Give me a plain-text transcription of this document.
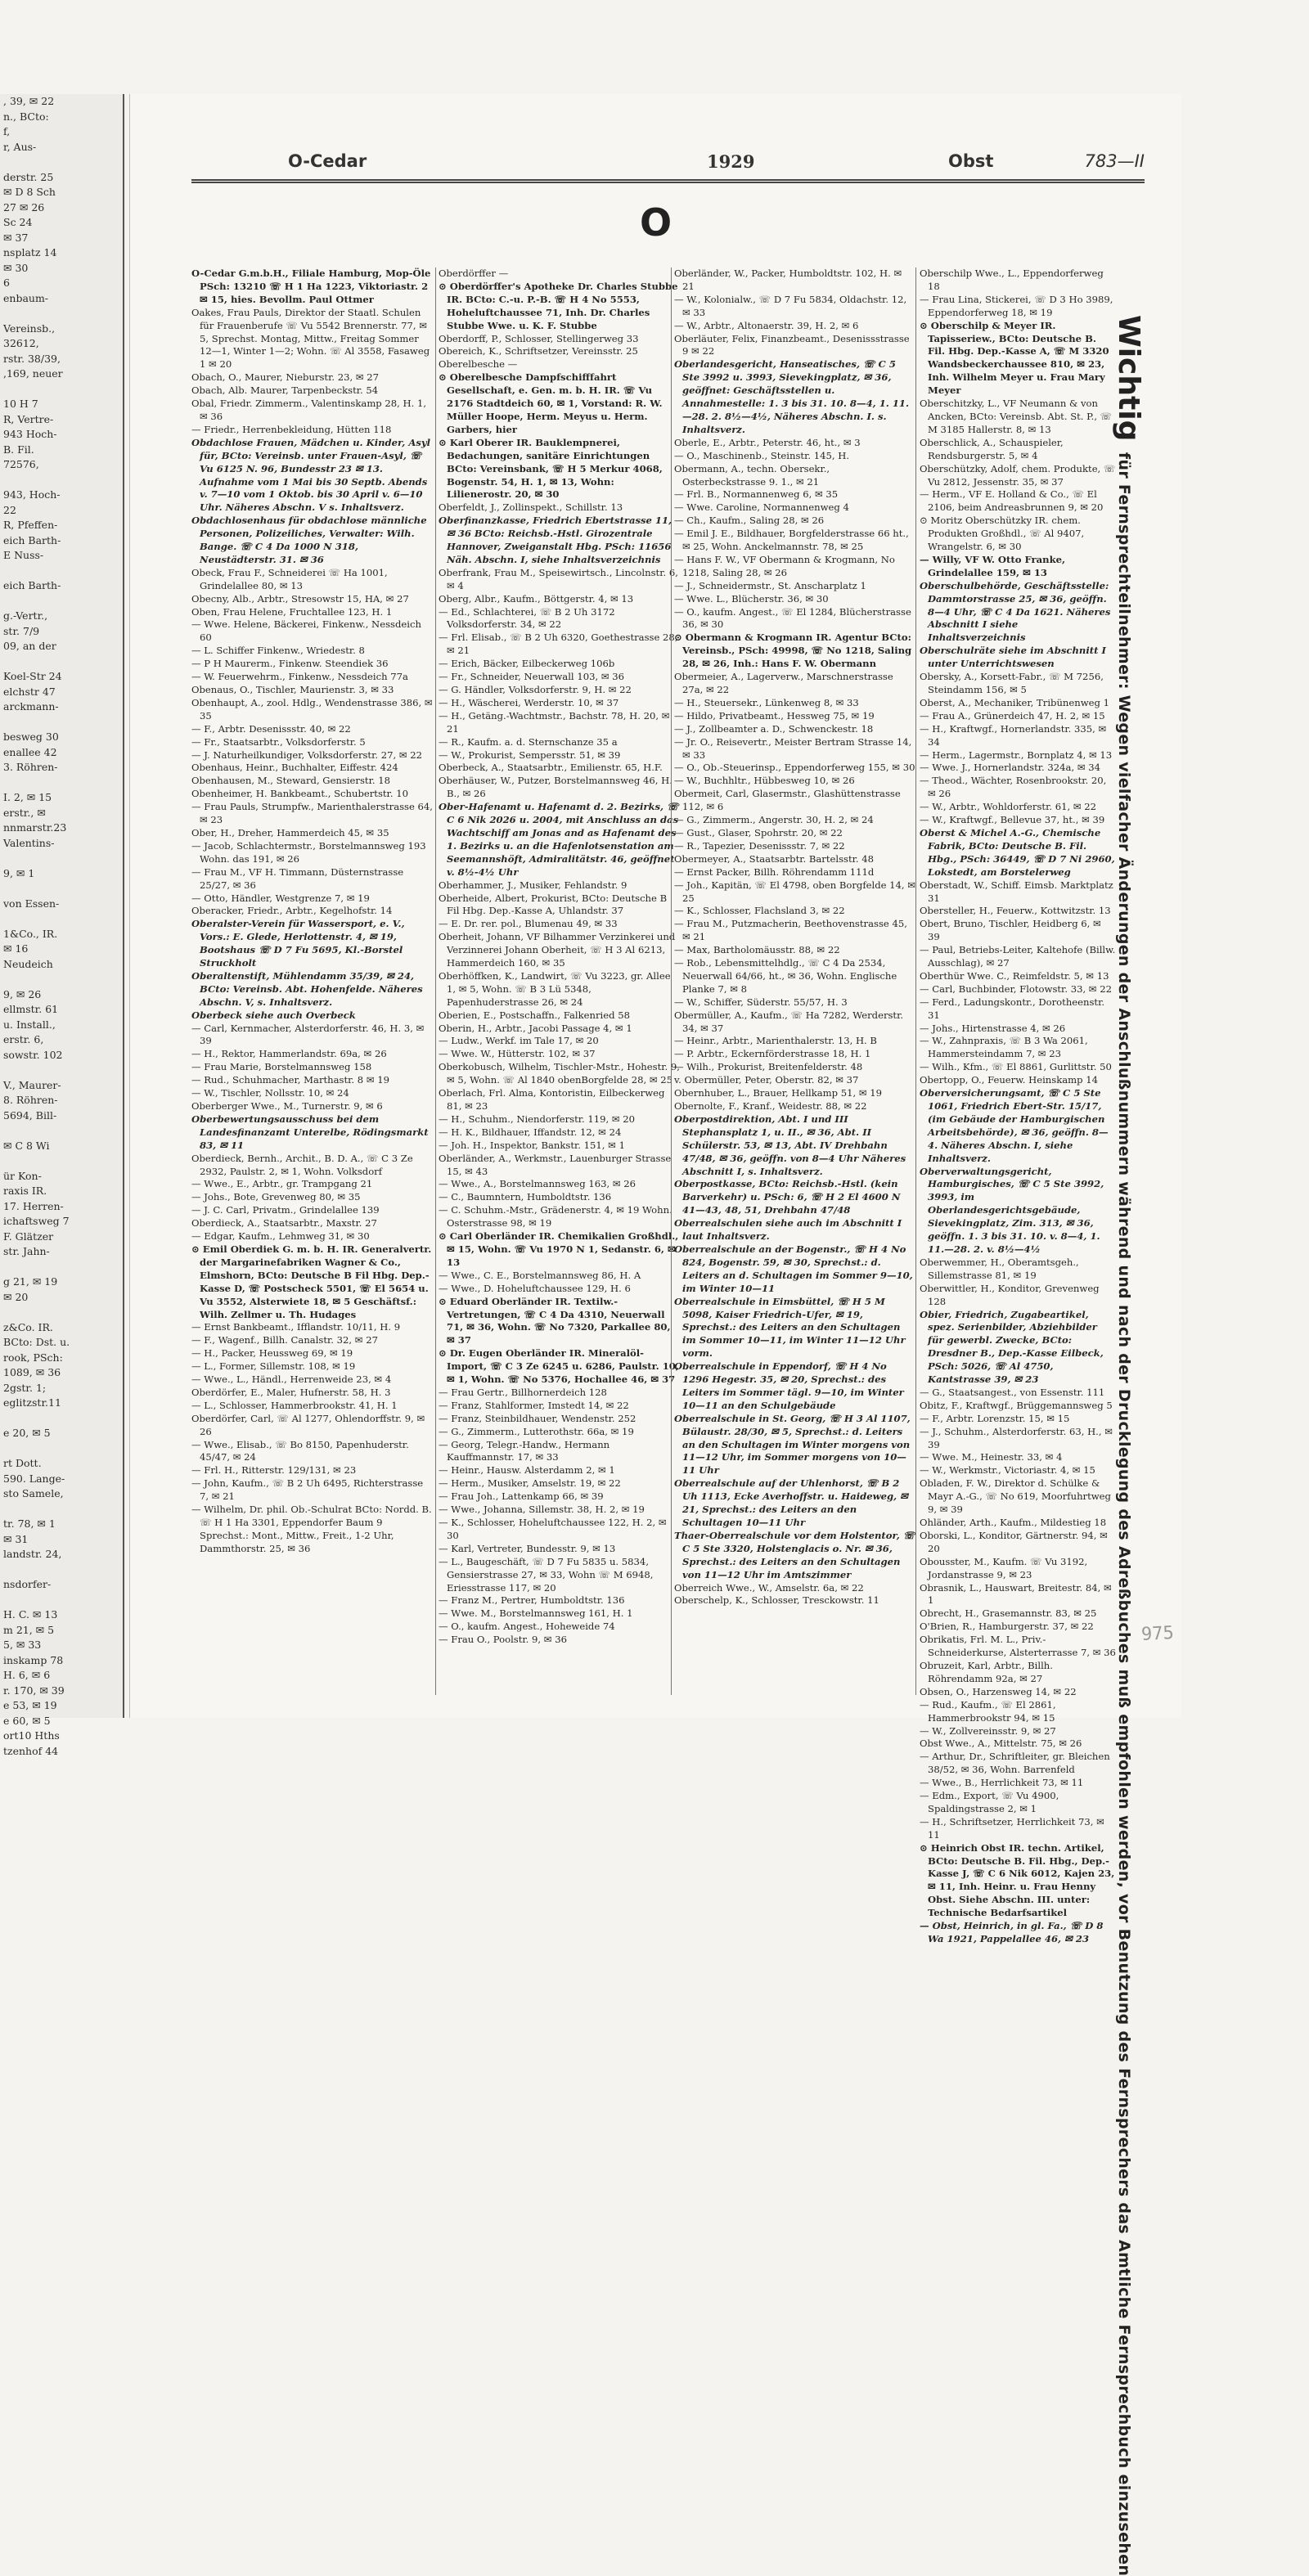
, 39, ✉ 22
n., BCto:
f,
r, Aus-

derstr. 25
✉ D 8 Sch
27 ✉ 26
Sc 24
✉ 37
nsplatz 14
✉ 30
6
enbaum-

Vereinsb.,
32612,
rstr. 38/39,
,169, neuer

10 H 7
R, Vertre-
943 Hoch-
B. Fil.
72576,

943, Hoch-
22
R, Pfeffen-
eich Barth-
E Nuss-

eich Barth-

g.-Vertr.,
str. 7/9
09, an der

Koel-Str 24
elchstr 47
arckmann-

besweg 30
enallee 42
3. Röhren-

I. 2, ✉ 15
erstr., ✉
nnmarstr.23
Valentins-

9, ✉ 1

von Essen-

1&Co., IR.
✉ 16
Neudeich

9, ✉ 26
ellmstr. 61
u. Install.,
erstr. 6,
sowstr. 102

V., Maurer-
8. Röhren-
5694, Bill-

✉ C 8 Wi

ür Kon-
raxis IR.
17. Herren-
ichaftsweg 7
F. Glätzer
str. Jahn-

g 21, ✉ 19
✉ 20

z&Co. IR.
BCto: Dst. u.
rook, PSch:
1089, ✉ 36
2gstr. 1;
eglitzstr.11

e 20, ✉ 5

rt Dott.
590. Lange-
sto Samele,

tr. 78, ✉ 1
✉ 31
landstr. 24,

nsdorfer-

H. C. ✉ 13
m 21, ✉ 5
5, ✉ 33
inskamp 78
H. 6, ✉ 6
r. 170, ✉ 39
e 53, ✉ 19
e 60, ✉ 5
ort10 Hths
tzenhof 44
O-Cedar	1929	Obst	783—II
O

O-Cedar G.m.b.H., Filiale Hamburg, Mop-Öle PSch: 13210 ☏ H 1 Ha 1223, Viktoriastr. 2 ✉ 15, hies. Bevollm. Paul Ottmer

Oakes, Frau Pauls, Direktor der Staatl. Schulen für Frauenberufe ☏ Vu 5542 Brennerstr. 77, ✉ 5, Sprechst. Montag, Mittw., Freitag Sommer 12—1, Winter 1—2; Wohn. ☏ Al 3558, Fasaweg 1 ✉ 20

Obach, O., Maurer, Nieburstr. 23, ✉ 27

Obach, Alb. Maurer, Tarpenbeckstr. 54

Obal, Friedr. Zimmerm., Valentinskamp 28, H. 1, ✉ 36

— Friedr., Herrenbekleidung, Hütten 118

Obdachlose Frauen, Mädchen u. Kinder, Asyl für, BCto: Vereinsb. unter Frauen-Asyl, ☏ Vu 6125 N. 96, Bundesstr 23 ✉ 13. Aufnahme vom 1 Mai bis 30 Septb. Abends v. 7—10 vom 1 Oktob. bis 30 April v. 6—10 Uhr. Näheres Abschn. V s. Inhaltsverz.

Obdachlosenhaus für obdachlose männliche Personen, Polizeiliches, Verwalter: Wilh. Bange. ☏ C 4 Da 1000 N 318, Neustädterstr. 31. ✉ 36

Obeck, Frau F., Schneiderei ☏ Ha 1001, Grindelallee 80, ✉ 13

Obecny, Alb., Arbtr., Stresowstr 15, HA, ✉ 27

Oben, Frau Helene, Fruchtallee 123, H. 1

— Wwe. Helene, Bäckerei, Finkenw., Nessdeich 60

— L. Schiffer Finkenw., Wriedestr. 8

— P H Maurerm., Finkenw. Steendiek 36

— W. Feuerwehrm., Finkenw., Nessdeich 77a

Obenaus, O., Tischler, Maurienstr. 3, ✉ 33

Obenhaupt, A., zool. Hdlg., Wendenstrasse 386, ✉ 35

— F., Arbtr. Desenissstr. 40, ✉ 22

— Fr., Staatsarbtr., Volksdorferstr. 5

— J. Naturheilkundiger, Volksdorferstr. 27, ✉ 22

Obenhaus, Heinr., Buchhalter, Eiffestr. 424

Obenhausen, M., Steward, Gensierstr. 18

Obenheimer, H. Bankbeamt., Schubertstr. 10

— Frau Pauls, Strumpfw., Marienthalerstrasse 64, ✉ 23

Ober, H., Dreher, Hammerdeich 45, ✉ 35

— Jacob, Schlachtermstr., Borstelmannsweg 193 Wohn. das 191, ✉ 26

— Frau M., VF H. Timmann, Düsternstrasse 25/27, ✉ 36

— Otto, Händler, Westgrenze 7, ✉ 19

Oberacker, Friedr., Arbtr., Kegelhofstr. 14

Oberalster-Verein für Wassersport, e. V., Vors.: E. Glede, Herlottenstr. 4, ✉ 19, Bootshaus ☏ D 7 Fu 5695, Kl.-Borstel Struckholt

Oberaltenstift, Mühlendamm 35/39, ✉ 24, BCto: Vereinsb. Abt. Hohenfelde. Näheres Abschn. V, s. Inhaltsverz.

Oberbeck siehe auch Overbeck

— Carl, Kernmacher, Alsterdorferstr. 46, H. 3, ✉ 39

— H., Rektor, Hammerlandstr. 69a, ✉ 26

— Frau Marie, Borstelmannsweg 158

— Rud., Schuhmacher, Marthastr. 8 ✉ 19

— W., Tischler, Nollsstr. 10, ✉ 24

Oberberger Wwe., M., Turnerstr. 9, ✉ 6

Oberbewertungsausschuss bei dem Landesfinanzamt Unterelbe, Rödingsmarkt 83, ✉ 11

Oberdieck, Bernh., Archit., B. D. A., ☏ C 3 Ze 2932, Paulstr. 2, ✉ 1, Wohn. Volksdorf

— Wwe., E., Arbtr., gr. Trampgang 21

— Johs., Bote, Grevenweg 80, ✉ 35

— J. C. Carl, Privatm., Grindelallee 139

Oberdieck, A., Staatsarbtr., Maxstr. 27

— Edgar, Kaufm., Lehmweg 31, ✉ 30

⊙ Emil Oberdiek G. m. b. H. IR. Generalvertr. der Margarinefabriken Wagner & Co., Elmshorn, BCto: Deutsche B Fil Hbg. Dep.-Kasse D, ☏ Postscheck 5501, ☏ El 5654 u. Vu 3552, Alsterwiete 18, ✉ 5 Geschäftsf.: Wilh. Zellmer u. Th. Hudages

— Ernst Bankbeamt., Ifflandstr. 10/11, H. 9

— F., Wagenf., Billh. Canalstr. 32, ✉ 27

— H., Packer, Heussweg 69, ✉ 19

— L., Former, Sillemstr. 108, ✉ 19

— Wwe., L., Händl., Herrenweide 23, ✉ 4

Oberdörfer, E., Maler, Hufnerstr. 58, H. 3

— L., Schlosser, Hammerbrookstr. 41, H. 1

Oberdörfer, Carl, ☏ Al 1277, Ohlendorffstr. 9, ✉ 26

— Wwe., Elisab., ☏ Bo 8150, Papenhuderstr. 45/47, ✉ 24

— Frl. H., Ritterstr. 129/131, ✉ 23

— John, Kaufm., ☏ B 2 Uh 6495, Richterstrasse 7, ✉ 21

— Wilhelm, Dr. phil. Ob.-Schulrat BCto: Nordd. B. ☏ H 1 Ha 3301, Eppendorfer Baum 9 Sprechst.: Mont., Mittw., Freit., 1-2 Uhr, Dammthorstr. 25, ✉ 36

Oberdörffer —

⊙ Oberdörffer's Apotheke Dr. Charles Stubbe IR. BCto: C.-u. P.-B. ☏ H 4 No 5553, Hoheluftchaussee 71, Inh. Dr. Charles Stubbe Wwe. u. K. F. Stubbe

Oberdorff, P., Schlosser, Stellingerweg 33

Obereich, K., Schriftsetzer, Vereinsstr. 25

Oberelbesche —

⊙ Oberelbesche Dampfschifffahrt Gesellschaft, e. Gen. m. b. H. IR. ☏ Vu 2176 Stadtdeich 60, ✉ 1, Vorstand: R. W. Müller Hoope, Herm. Meyus u. Herm. Garbers, hier

⊙ Karl Oberer IR. Bauklempnerei, Bedachungen, sanitäre Einrichtungen BCto: Vereinsbank, ☏ H 5 Merkur 4068, Bogenstr. 54, H. 1, ✉ 13, Wohn: Lilienerostr. 20, ✉ 30

Oberfeldt, J., Zollinspekt., Schillstr. 13

Oberfinanzkasse, Friedrich Ebertstrasse 11, ✉ 36 BCto: Reichsb.-Hstl. Girozentrale Hannover, Zweiganstalt Hbg. PSch: 11656 Näh. Abschn. I, siehe Inhaltsverzeichnis

Oberfrank, Frau M., Speisewirtsch., Lincolnstr. 6, ✉ 4

Oberg, Albr., Kaufm., Böttgerstr. 4, ✉ 13

— Ed., Schlachterei, ☏ B 2 Uh 3172 Volksdorferstr. 34, ✉ 22

— Frl. Elisab., ☏ B 2 Uh 6320, Goethestrasse 28, ✉ 21

— Erich, Bäcker, Eilbeckerweg 106b

— Fr., Schneider, Neuerwall 103, ✉ 36

— G. Händler, Volksdorferstr. 9, H. ✉ 22

— H., Wäscherei, Werderstr. 10, ✉ 37

— H., Getäng.-Wachtmstr., Bachstr. 78, H. 20, ✉ 21

— R., Kaufm. a. d. Sternschanze 35 a

— W., Prokurist, Sempersstr. 51, ✉ 39

Oberbeck, A., Staatsarbtr., Emilienstr. 65, H.F.

Oberhäuser, W., Putzer, Borstelmannsweg 46, H. B., ✉ 26

Ober-Hafenamt u. Hafenamt d. 2. Bezirks, ☏ C 6 Nik 2026 u. 2004, mit Anschluss an das Wachtschiff am Jonas and as Hafenamt des 1. Bezirks u. an die Hafenlotsenstation am Seemannshöft, Admiralitätstr. 46, geöffnet v. 8½-4½ Uhr

Oberhammer, J., Musiker, Fehlandstr. 9

Oberheide, Albert, Prokurist, BCto: Deutsche B Fil Hbg. Dep.-Kasse A, Uhlandstr. 37

— E. Dr. rer. pol., Blumenau 49, ✉ 33

Oberheit, Johann, VF Bilhammer Verzinkerei und Verzinnerei Johann Oberheit, ☏ H 3 Al 6213, Hammerdeich 160, ✉ 35

Oberhöffken, K., Landwirt, ☏ Vu 3223, gr. Allee 1, ✉ 5, Wohn. ☏ B 3 Lü 5348, Papenhuderstrasse 26, ✉ 24

Oberien, E., Postschaffn., Falkenried 58

Oberin, H., Arbtr., Jacobi Passage 4, ✉ 1

— Ludw., Werkf. im Tale 17, ✉ 20

— Wwe. W., Hütterstr. 102, ✉ 37

Oberkobusch, Wilhelm, Tischler-Mstr., Hohestr. 9, ✉ 5, Wohn. ☏ Al 1840 obenBorgfelde 28, ✉ 25

Oberlach, Frl. Alma, Kontoristin, Eilbeckerweg 81, ✉ 23

— H., Schuhm., Niendorferstr. 119, ✉ 20

— H. K., Bildhauer, Iffandstr. 12, ✉ 24

— Joh. H., Inspektor, Bankstr. 151, ✉ 1

Oberländer, A., Werkmstr., Lauenburger Strasse 15, ✉ 43

— Wwe., A., Borstelmannsweg 163, ✉ 26

— C., Baumntern, Humboldtstr. 136

— C. Schuhm.-Mstr., Grädenerstr. 4, ✉ 19 Wohn. Osterstrasse 98, ✉ 19

⊙ Carl Oberländer IR. Chemikalien Großhdl., ✉ 15, Wohn. ☏ Vu 1970 N 1, Sedanstr. 6, ✉ 13

— Wwe., C. E., Borstelmannsweg 86, H. A

— Wwe., D. Hoheluftchaussee 129, H. 6

⊙ Eduard Oberländer IR. Textilw.-Vertretungen, ☏ C 4 Da 4310, Neuerwall 71, ✉ 36, Wohn. ☏ No 7320, Parkallee 80, ✉ 37

⊙ Dr. Eugen Oberländer IR. Mineralöl-Import, ☏ C 3 Ze 6245 u. 6286, Paulstr. 10, ✉ 1, Wohn. ☏ No 5376, Hochallee 46, ✉ 37

— Frau Gertr., Billhornerdeich 128

— Franz, Stahlformer, Imstedt 14, ✉ 22

— Franz, Steinbildhauer, Wendenstr. 252

— G., Zimmerm., Lutterothstr. 66a, ✉ 19

— Georg, Telegr.-Handw., Hermann Kauffmannstr. 17, ✉ 33

— Heinr., Hausw. Alsterdamm 2, ✉ 1

— Herm., Musiker, Amselstr. 19, ✉ 22

— Frau Joh., Lattenkamp 66, ✉ 39

— Wwe., Johanna, Sillemstr. 38, H. 2, ✉ 19

— K., Schlosser, Hoheluftchaussee 122, H. 2, ✉ 30

— Karl, Vertreter, Bundesstr. 9, ✉ 13

— L., Baugeschäft, ☏ D 7 Fu 5835 u. 5834, Gensierstrasse 27, ✉ 33, Wohn ☏ M 6948, Eriesstrasse 117, ✉ 20

— Franz M., Pertrer, Humboldtstr. 136

— Wwe. M., Borstelmannsweg 161, H. 1

— O., kaufm. Angest., Hoheweide 74

— Frau O., Poolstr. 9, ✉ 36

Oberländer, W., Packer, Humboldtstr. 102, H. ✉ 21

— W., Kolonialw., ☏ D 7 Fu 5834, Oldachstr. 12, ✉ 33

— W., Arbtr., Altonaerstr. 39, H. 2, ✉ 6

Oberläuter, Felix, Finanzbeamt., Desenissstrasse 9 ✉ 22

Oberlandesgericht, Hanseatisches, ☏ C 5 Ste 3992 u. 3993, Sievekingplatz, ✉ 36, geöffnet: Geschäftsstellen u. Annahmestelle: 1. 3 bis 31. 10. 8—4, 1. 11.—28. 2. 8½—4½, Näheres Abschn. I. s. Inhaltsverz.

Oberle, E., Arbtr., Peterstr. 46, ht., ✉ 3

— O., Maschinenb., Steinstr. 145, H.

Obermann, A., techn. Obersekr., Osterbeckstrasse 9. 1., ✉ 21

— Frl. B., Normannenweg 6, ✉ 35

— Wwe. Caroline, Normannenweg 4

— Ch., Kaufm., Saling 28, ✉ 26

— Emil J. E., Bildhauer, Borgfelderstrasse 66 ht., ✉ 25, Wohn. Anckelmannstr. 78, ✉ 25

— Hans F. W., VF Obermann & Krogmann, No 1218, Saling 28, ✉ 26

— J., Schneidermstr., St. Anscharplatz 1

— Wwe. L., Blücherstr. 36, ✉ 30

— O., kaufm. Angest., ☏ El 1284, Blücherstrasse 36, ✉ 30

⊙ Obermann & Krogmann IR. Agentur BCto: Vereinsb., PSch: 49998, ☏ No 1218, Saling 28, ✉ 26, Inh.: Hans F. W. Obermann

Obermeier, A., Lagerverw., Marschnerstrasse 27a, ✉ 22

— H., Steuersekr., Lünkenweg 8, ✉ 33

— Hildo, Privatbeamt., Hessweg 75, ✉ 19

— J., Zollbeamter a. D., Schwenckestr. 18

— Jr. O., Reisevertr., Meister Bertram Strasse 14, ✉ 33

— O., Ob.-Steuerinsp., Eppendorferweg 155, ✉ 30

— W., Buchhltr., Hübbesweg 10, ✉ 26

Obermeit, Carl, Glasermstr., Glashüttenstrasse 112, ✉ 6

— G., Zimmerm., Angerstr. 30, H. 2, ✉ 24

— Gust., Glaser, Spohrstr. 20, ✉ 22

— R., Tapezier, Desenissstr. 7, ✉ 22

Obermeyer, A., Staatsarbtr. Bartelsstr. 48

— Ernst Packer, Billh. Röhrendamm 111d

— Joh., Kapitän, ☏ El 4798, oben Borgfelde 14, ✉ 25

— K., Schlosser, Flachsland 3, ✉ 22

— Frau M., Putzmacherin, Beethovenstrasse 45, ✉ 21

— Max, Bartholomäusstr. 88, ✉ 22

— Rob., Lebensmittelhdlg., ☏ C 4 Da 2534, Neuerwall 64/66, ht., ✉ 36, Wohn. Englische Planke 7, ✉ 8

— W., Schiffer, Süderstr. 55/57, H. 3

Obermüller, A., Kaufm., ☏ Ha 7282, Werderstr. 34, ✉ 37

— Heinr., Arbtr., Marienthalerstr. 13, H. B

— P. Arbtr., Eckernförderstrasse 18, H. 1

— Wilh., Prokurist, Breitenfelderstr. 48

v. Obermüller, Peter, Oberstr. 82, ✉ 37

Obernhuber, L., Brauer, Hellkamp 51, ✉ 19

Obernolte, F., Kranf., Weidestr. 88, ✉ 22

Oberpostdirektion, Abt. I und III Stephansplatz 1, u. II., ✉ 36, Abt. II Schülerstr. 53, ✉ 13, Abt. IV Drehbahn 47/48, ✉ 36, geöffn. von 8—4 Uhr Näheres Abschnitt I, s. Inhaltsverz.

Oberpostkasse, BCto: Reichsb.-Hstl. (kein Barverkehr) u. PSch: 6, ☏ H 2 El 4600 N 41—43, 48, 51, Drehbahn 47/48

Oberrealschulen siehe auch im Abschnitt I laut Inhaltsverz.

Oberrealschule an der Bogenstr., ☏ H 4 No 824, Bogenstr. 59, ✉ 30, Sprechst.: d. Leiters an d. Schultagen im Sommer 9—10, im Winter 10—11

Oberrealschule in Eimsbüttel, ☏ H 5 M 5098, Kaiser Friedrich-Ufer, ✉ 19, Sprechst.: des Leiters an den Schultagen im Sommer 10—11, im Winter 11—12 Uhr vorm.

Oberrealschule in Eppendorf, ☏ H 4 No 1296 Hegestr. 35, ✉ 20, Sprechst.: des Leiters im Sommer tägl. 9—10, im Winter 10—11 an den Schulgebäude

Oberrealschule in St. Georg, ☏ H 3 Al 1107, Bülaustr. 28/30, ✉ 5, Sprechst.: d. Leiters an den Schultagen im Winter morgens von 11—12 Uhr, im Sommer morgens von 10—11 Uhr

Oberrealschule auf der Uhlenhorst, ☏ B 2 Uh 1113, Ecke Averhoffstr. u. Haideweg, ✉ 21, Sprechst.: des Leiters an den Schultagen 10—11 Uhr

Thaer-Oberrealschule vor dem Holstentor, ☏ C 5 Ste 3320, Holstenglacis o. Nr. ✉ 36, Sprechst.: des Leiters an den Schultagen von 11—12 Uhr im Amtszimmer

Oberreich Wwe., W., Amselstr. 6a, ✉ 22

Oberschelp, K., Schlosser, Tresckowstr. 11

Oberschilp Wwe., L., Eppendorferweg 18

— Frau Lina, Stickerei, ☏ D 3 Ho 3989, Eppendorferweg 18, ✉ 19

⊙ Oberschilp & Meyer IR. Tapisseriew., BCto: Deutsche B. Fil. Hbg. Dep.-Kasse A, ☏ M 3320 Wandsbeckerchaussee 810, ✉ 23, Inh. Wilhelm Meyer u. Frau Mary Meyer

Oberschitzky, L., VF Neumann & von Ancken, BCto: Vereinsb. Abt. St. P., ☏ M 3185 Hallerstr. 8, ✉ 13

Oberschlick, A., Schauspieler, Rendsburgerstr. 5, ✉ 4

Oberschützky, Adolf, chem. Produkte, ☏ Vu 2812, Jessenstr. 35, ✉ 37

— Herm., VF E. Holland & Co., ☏ El 2106, beim Andreasbrunnen 9, ✉ 20

⊙ Moritz Oberschützky IR. chem. Produkten Großhdl., ☏ Al 9407, Wrangelstr. 6, ✉ 30

— Willy, VF W. Otto Franke, Grindelallee 159, ✉ 13

Oberschulbehörde, Geschäftsstelle: Dammtorstrasse 25, ✉ 36, geöffn. 8—4 Uhr, ☏ C 4 Da 1621. Näheres Abschnitt I siehe Inhaltsverzeichnis

Oberschulräte siehe im Abschnitt I unter Unterrichtswesen

Obersky, A., Korsett-Fabr., ☏ M 7256, Steindamm 156, ✉ 5

Oberst, A., Mechaniker, Tribünenweg 1

— Frau A., Grünerdeich 47, H. 2, ✉ 15

— H., Kraftwgf., Hornerlandstr. 335, ✉ 34

— Herm., Lagermstr., Bornplatz 4, ✉ 13

— Wwe. J., Hornerlandstr. 324a, ✉ 34

— Theod., Wächter, Rosenbrookstr. 20, ✉ 26

— W., Arbtr., Wohldorferstr. 61, ✉ 22

— W., Kraftwgf., Bellevue 37, ht., ✉ 39

Oberst & Michel A.-G., Chemische Fabrik, BCto: Deutsche B. Fil. Hbg., PSch: 36449, ☏ D 7 Ni 2960, Lokstedt, am Borstelerweg

Oberstadt, W., Schiff. Eimsb. Marktplatz 31

Obersteller, H., Feuerw., Kottwitzstr. 13

Obert, Bruno, Tischler, Heidberg 6, ✉ 39

— Paul, Betriebs-Leiter, Kaltehofe (Billw. Ausschlag), ✉ 27

Oberthür Wwe. C., Reimfeldstr. 5, ✉ 13

— Carl, Buchbinder, Flotowstr. 33, ✉ 22

— Ferd., Ladungskontr., Dorotheenstr. 31

— Johs., Hirtenstrasse 4, ✉ 26

— W., Zahnpraxis, ☏ B 3 Wa 2061, Hammersteindamm 7, ✉ 23

— Wilh., Kfm., ☏ El 8861, Gurlittstr. 50

Obertopp, O., Feuerw. Heinskamp 14

Oberversicherungsamt, ☏ C 5 Ste 1061, Friedrich Ebert-Str. 15/17, (im Gebäude der Hamburgischen Arbeitsbehörde), ✉ 36, geöffn. 8—4. Näheres Abschn. I, siehe Inhaltsverz.

Oberverwaltungsgericht, Hamburgisches, ☏ C 5 Ste 3992, 3993, im Oberlandesgerichtsgebäude, Sievekingplatz, Zim. 313, ✉ 36, geöffn. 1. 3 bis 31. 10. v. 8—4, 1. 11.—28. 2. v. 8½—4½

Oberwemmer, H., Oberamtsgeh., Sillemstrasse 81, ✉ 19

Oberwittler, H., Konditor, Grevenweg 128

Obier, Friedrich, Zugabeartikel, spez. Serienbilder, Abziehbilder für gewerbl. Zwecke, BCto: Dresdner B., Dep.-Kasse Eilbeck, PSch: 5026, ☏ Al 4750, Kantstrasse 39, ✉ 23

— G., Staatsangest., von Essenstr. 111

Obitz, F., Kraftwgf., Brüggemannsweg 5

— F., Arbtr. Lorenzstr. 15, ✉ 15

— J., Schuhm., Alsterdorferstr. 63, H., ✉ 39

— Wwe. M., Heinestr. 33, ✉ 4

— W., Werkmstr., Victoriastr. 4, ✉ 15

Obladen, F. W., Direktor d. Schülke & Mayr A.-G., ☏ No 619, Moorfuhrtweg 9, ✉ 39

Ohländer, Arth., Kaufm., Mildestieg 18

Oborski, L., Konditor, Gärtnerstr. 94, ✉ 20

Obousster, M., Kaufm. ☏ Vu 3192, Jordanstrasse 9, ✉ 23

Obrasnik, L., Hauswart, Breitestr. 84, ✉ 1

Obrecht, H., Grasemannstr. 83, ✉ 25

O'Brien, R., Hamburgerstr. 37, ✉ 22

Obrikatis, Frl. M. L., Priv.-Schneiderkurse, Alsterterrasse 7, ✉ 36

Obruzeit, Karl, Arbtr., Billh. Röhrendamm 92a, ✉ 27

Obsen, O., Harzensweg 14, ✉ 22

— Rud., Kaufm., ☏ El 2861, Hammerbrookstr 94, ✉ 15

— W., Zollvereinsstr. 9, ✉ 27

Obst Wwe., A., Mittelstr. 75, ✉ 26

— Arthur, Dr., Schriftleiter, gr. Bleichen 38/52, ✉ 36, Wohn. Barrenfeld

— Wwe., B., Herrlichkeit 73, ✉ 11

— Edm., Export, ☏ Vu 4900, Spaldingstrasse 2, ✉ 1

— H., Schriftsetzer, Herrlichkeit 73, ✉ 11

⊙ Heinrich Obst IR. techn. Artikel, BCto: Deutsche B. Fil. Hbg., Dep.-Kasse J, ☏ C 6 Nik 6012, Kajen 23, ✉ 11, Inh. Heinr. u. Frau Henny Obst. Siehe Abschn. III. unter: Technische Bedarfsartikel

— Obst, Heinrich, in gl. Fa., ☏ D 8 Wa 1921, Pappelallee 46, ✉ 23

Wichtig für Fernsprechteilnehmer: Wegen vielfacher Änderungen der Anschlußnummern während und nach der Drucklegung des Adreßbuches muß empfohlen werden, vor Benutzung des Fernsprechers das Amtliche Fernsprechbuch einzusehen 975
